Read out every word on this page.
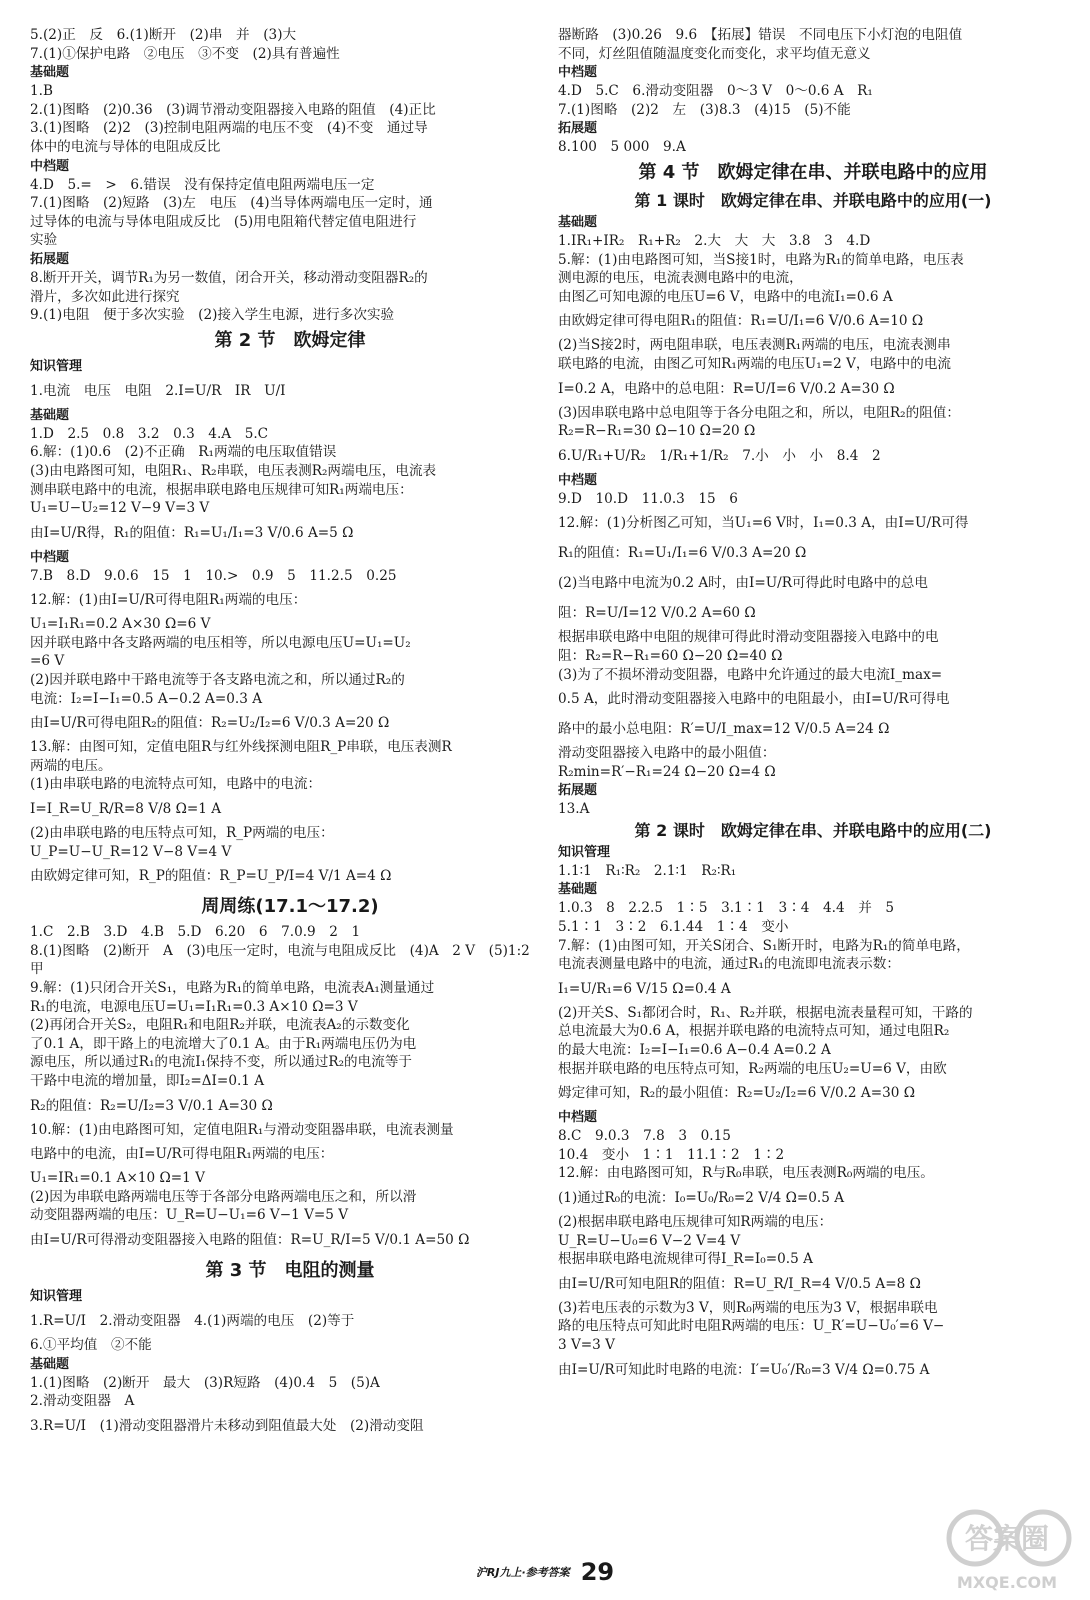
5.(2)正　反　6.(1)断开　(2)串　并　(3)大
7.(1)①保护电路　②电压　③不变　(2)具有普遍性
基础题
1.B
2.(1)图略　(2)0.36　(3)调节滑动变阻器接入电路的阻值　(4)正比
3.(1)图略　(2)2　(3)控制电阻两端的电压不变　(4)不变　通过导
体中的电流与导体的电阻成反比
中档题
4.D　5.=　>　6.错误　没有保持定值电阻两端电压一定
7.(1)图略　(2)短路　(3)左　电压　(4)当导体两端电压一定时，通
过导体的电流与导体电阻成反比　(5)用电阻箱代替定值电阻进行
实验
拓展题
8.断开开关，调节R₁为另一数值，闭合开关，移动滑动变阻器R₂的
滑片，多次如此进行探究
9.(1)电阻　便于多次实验　(2)接入学生电源，进行多次实验
第 2 节　欧姆定律
知识管理
1.电流　电压　电阻　2.I=U/R　IR　U/I
基础题
1.D　2.5　0.8　3.2　0.3　4.A　5.C
6.解：(1)0.6　(2)不正确　R₁两端的电压取值错误
(3)由电路图可知，电阻R₁、R₂串联，电压表测R₂两端电压，电流表
测串联电路中的电流，根据串联电路电压规律可知R₁两端电压：
U₁=U−U₂=12 V−9 V=3 V
由I=U/R得，R₁的阻值：R₁=U₁/I₁=3 V/0.6 A=5 Ω
中档题
7.B　8.D　9.0.6　15　1　10.>　0.9　5　11.2.5　0.25
12.解：(1)由I=U/R可得电阻R₁两端的电压：
U₁=I₁R₁=0.2 A×30 Ω=6 V
因并联电路中各支路两端的电压相等，所以电源电压U=U₁=U₂
=6 V
(2)因并联电路中干路电流等于各支路电流之和，所以通过R₂的
电流：I₂=I−I₁=0.5 A−0.2 A=0.3 A
由I=U/R可得电阻R₂的阻值：R₂=U₂/I₂=6 V/0.3 A=20 Ω
13.解：由图可知，定值电阻R与红外线探测电阻R_P串联，电压表测R
两端的电压。
(1)由串联电路的电流特点可知，电路中的电流：
I=I_R=U_R/R=8 V/8 Ω=1 A
(2)由串联电路的电压特点可知，R_P两端的电压：
U_P=U−U_R=12 V−8 V=4 V
由欧姆定律可知，R_P的阻值：R_P=U_P/I=4 V/1 A=4 Ω
周周练(17.1～17.2)
1.C　2.B　3.D　4.B　5.D　6.20　6　7.0.9　2　1
8.(1)图略　(2)断开　A　(3)电压一定时，电流与电阻成反比　(4)A　2 V　(5)1:2　甲
9.解：(1)只闭合开关S₁，电路为R₁的简单电路，电流表A₁测量通过
R₁的电流，电源电压U=U₁=I₁R₁=0.3 A×10 Ω=3 V
(2)再闭合开关S₂，电阻R₁和电阻R₂并联，电流表A₂的示数变化
了0.1 A，即干路上的电流增大了0.1 A。由于R₁两端电压仍为电
源电压，所以通过R₁的电流I₁保持不变，所以通过R₂的电流等于
干路中电流的增加量，即I₂=ΔI=0.1 A
R₂的阻值：R₂=U/I₂=3 V/0.1 A=30 Ω
10.解：(1)由电路图可知，定值电阻R₁与滑动变阻器串联，电流表测量
电路中的电流，由I=U/R可得电阻R₁两端的电压：
U₁=IR₁=0.1 A×10 Ω=1 V
(2)因为串联电路两端电压等于各部分电路两端电压之和，所以滑
动变阻器两端的电压：U_R=U−U₁=6 V−1 V=5 V
由I=U/R可得滑动变阻器接入电路的阻值：R=U_R/I=5 V/0.1 A=50 Ω
第 3 节　电阻的测量
知识管理
1.R=U/I　2.滑动变阻器　4.(1)两端的电压　(2)等于
6.①平均值　②不能
基础题
1.(1)图略　(2)断开　最大　(3)R短路　(4)0.4　5　(5)A
2.滑动变阻器　A
3.R=U/I　(1)滑动变阻器滑片未移动到阻值最大处　(2)滑动变阻
器断路　(3)0.26　9.6　【拓展】错误　不同电压下小灯泡的电阻值
不同，灯丝阻值随温度变化而变化，求平均值无意义
中档题
4.D　5.C　6.滑动变阻器　0～3 V　0～0.6 A　R₁
7.(1)图略　(2)2　左　(3)8.3　(4)15　(5)不能
拓展题
8.100　5 000　9.A
第 4 节　欧姆定律在串、并联电路中的应用
第 1 课时　欧姆定律在串、并联电路中的应用(一)
基础题
1.IR₁+IR₂　R₁+R₂　2.大　大　大　3.8　3　4.D
5.解：(1)由电路图可知，当S接1时，电路为R₁的简单电路，电压表
测电源的电压，电流表测电路中的电流，
由图乙可知电源的电压U=6 V，电路中的电流I₁=0.6 A
由欧姆定律可得电阻R₁的阻值：R₁=U/I₁=6 V/0.6 A=10 Ω
(2)当S接2时，两电阻串联，电压表测R₁两端的电压，电流表测串
联电路的电流，由图乙可知R₁两端的电压U₁=2 V，电路中的电流
I=0.2 A，电路中的总电阻：R=U/I=6 V/0.2 A=30 Ω
(3)因串联电路中总电阻等于各分电阻之和，所以，电阻R₂的阻值：
R₂=R−R₁=30 Ω−10 Ω=20 Ω
6.U/R₁+U/R₂　1/R₁+1/R₂　7.小　小　小　8.4　2
中档题
9.D　10.D　11.0.3　15　6
12.解：(1)分析图乙可知，当U₁=6 V时，I₁=0.3 A，由I=U/R可得
R₁的阻值：R₁=U₁/I₁=6 V/0.3 A=20 Ω
(2)当电路中电流为0.2 A时，由I=U/R可得此时电路中的总电
阻：R=U/I=12 V/0.2 A=60 Ω
根据串联电路中电阻的规律可得此时滑动变阻器接入电路中的电
阻：R₂=R−R₁=60 Ω−20 Ω=40 Ω
(3)为了不损坏滑动变阻器，电路中允许通过的最大电流I_max=
0.5 A，此时滑动变阻器接入电路中的电阻最小，由I=U/R可得电
路中的最小总电阻：R′=U/I_max=12 V/0.5 A=24 Ω
滑动变阻器接入电路中的最小阻值：
R₂min=R′−R₁=24 Ω−20 Ω=4 Ω
拓展题
13.A
第 2 课时　欧姆定律在串、并联电路中的应用(二)
知识管理
1.1∶1　R₁∶R₂　2.1∶1　R₂∶R₁
基础题
1.0.3　8　2.2.5　1∶5　3.1∶1　3∶4　4.4　并　5
5.1∶1　3∶2　6.1.44　1∶4　变小
7.解：(1)由图可知，开关S闭合、S₁断开时，电路为R₁的简单电路，
电流表测量电路中的电流，通过R₁的电流即电流表示数：
I₁=U/R₁=6 V/15 Ω=0.4 A
(2)开关S、S₁都闭合时，R₁、R₂并联，根据电流表量程可知，干路的
总电流最大为0.6 A，根据并联电路的电流特点可知，通过电阻R₂
的最大电流：I₂=I−I₁=0.6 A−0.4 A=0.2 A
根据并联电路的电压特点可知，R₂两端的电压U₂=U=6 V，由欧
姆定律可知，R₂的最小阻值：R₂=U₂/I₂=6 V/0.2 A=30 Ω
中档题
8.C　9.0.3　7.8　3　0.15
10.4　变小　1∶1　11.1∶2　1∶2
12.解：由电路图可知，R与R₀串联，电压表测R₀两端的电压。
(1)通过R₀的电流：I₀=U₀/R₀=2 V/4 Ω=0.5 A
(2)根据串联电路电压规律可知R两端的电压：
U_R=U−U₀=6 V−2 V=4 V
根据串联电路电流规律可得I_R=I₀=0.5 A
由I=U/R可知电阻R的阻值：R=U_R/I_R=4 V/0.5 A=8 Ω
(3)若电压表的示数为3 V，则R₀两端的电压为3 V，根据串联电
路的电压特点可知此时电阻R两端的电压：U_R′=U−U₀′=6 V−
3 V=3 V
由I=U/R可知此时电路的电流：I′=U₀′/R₀=3 V/4 Ω=0.75 A
沪RJ九上·参考答案 29
答案圈
MXQE.COM
